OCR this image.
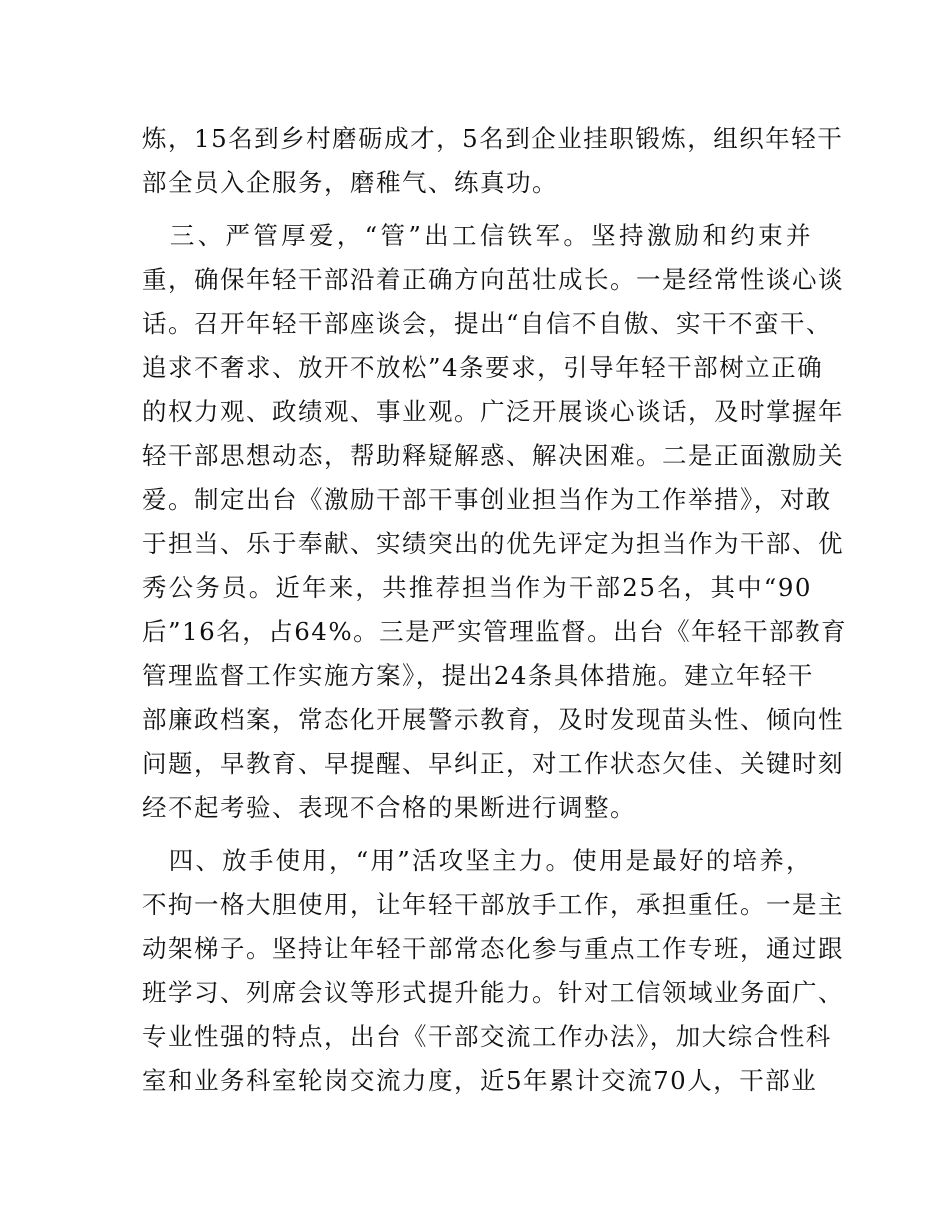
炼，15名到乡村磨砺成才，5名到企业挂职锻炼，组织年轻干
部全员入企服务，磨稚气、练真功。
　三、严管厚爱，“管”出工信铁军。坚持激励和约束并
重，确保年轻干部沿着正确方向茁壮成长。一是经常性谈心谈
话。召开年轻干部座谈会，提出“自信不自傲、实干不蛮干、
追求不奢求、放开不放松”4条要求，引导年轻干部树立正确
的权力观、政绩观、事业观。广泛开展谈心谈话，及时掌握年
轻干部思想动态，帮助释疑解惑、解决困难。二是正面激励关
爱。制定出台《激励干部干事创业担当作为工作举措》，对敢
于担当、乐于奉献、实绩突出的优先评定为担当作为干部、优
秀公务员。近年来，共推荐担当作为干部25名，其中“90
后”16名，占64%。三是严实管理监督。出台《年轻干部教育
管理监督工作实施方案》，提出24条具体措施。建立年轻干
部廉政档案，常态化开展警示教育，及时发现苗头性、倾向性
问题，早教育、早提醒、早纠正，对工作状态欠佳、关键时刻
经不起考验、表现不合格的果断进行调整。
　四、放手使用，“用”活攻坚主力。使用是最好的培养，
不拘一格大胆使用，让年轻干部放手工作，承担重任。一是主
动架梯子。坚持让年轻干部常态化参与重点工作专班，通过跟
班学习、列席会议等形式提升能力。针对工信领域业务面广、
专业性强的特点，出台《干部交流工作办法》，加大综合性科
室和业务科室轮岗交流力度，近5年累计交流70人，干部业
